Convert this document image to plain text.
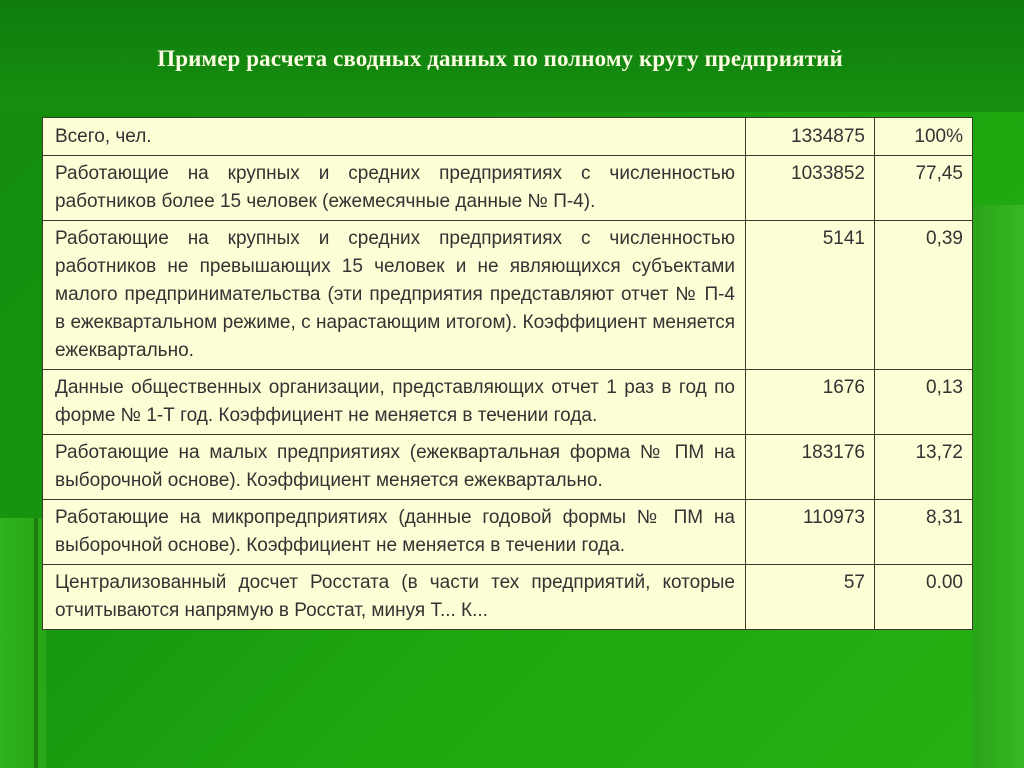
Пример расчета сводных данных по полному кругу предприятий
Всего, чел.	1334875	100%
Работающие на крупных и средних предприятиях с численностью работников более 15 человек (ежемесячные данные № П-4).	1033852	77,45
Работающие на крупных и средних предприятиях с численностью работников не превышающих 15 человек и не являющихся субъектами малого предпринимательства (эти предприятия представляют отчет № П-4 в ежеквартальном режиме, с нарастающим итогом). Коэффициент меняется ежеквартально.	5141	0,39
Данные общественных организации, представляющих отчет 1 раз в год по форме № 1-Т год. Коэффициент не меняется в течении года.	1676	0,13
Работающие на малых предприятиях (ежеквартальная форма № ПМ на выборочной основе). Коэффициент меняется ежеквартально.	183176	13,72
Работающие на микропредприятиях (данные годовой формы № ПМ на выборочной основе). Коэффициент не меняется в течении года.	110973	8,31
Централизованный досчет Росстата (в части тех предприятий, которые отчитываются напрямую в Росстат, минуя Т... К...	57	0.00
